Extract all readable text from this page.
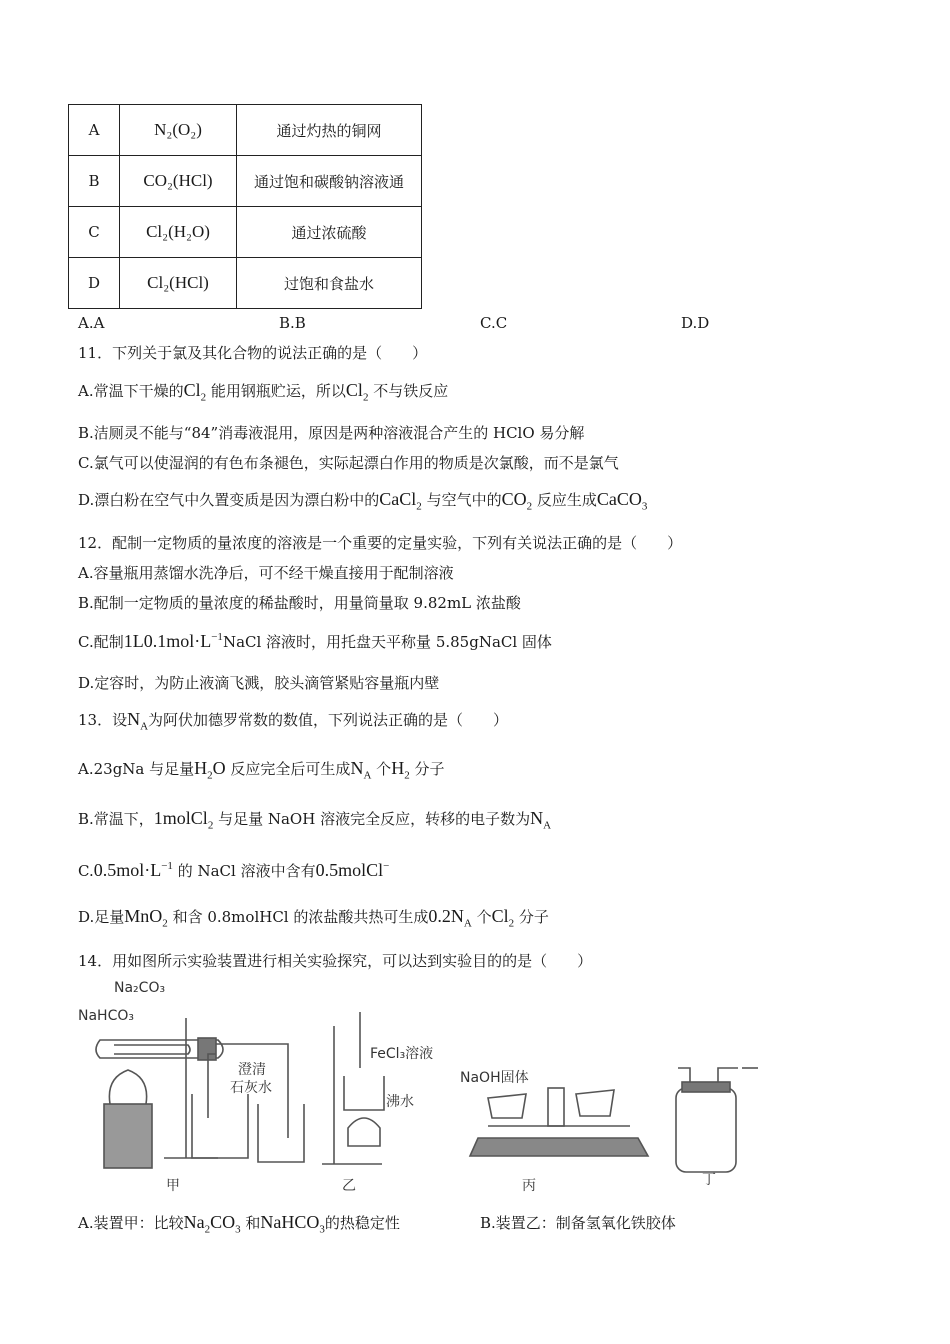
A	N₂(O₂)	通过灼热的铜网
B	CO₂(HCl)	通过饱和碳酸钠溶液通
C	Cl₂(H₂O)	通过浓硫酸
D	Cl₂(HCl)	过饱和食盐水
A.A	B.B	C.C	D.D
11．下列关于氯及其化合物的说法正确的是（　　）
A.常温下干燥的$Cl_2$ 能用钢瓶贮运，所以$Cl_2$ 不与铁反应
B.洁厕灵不能与“84”消毒液混用，原因是两种溶液混合产生的 HClO 易分解
C.氯气可以使湿润的有色布条褪色，实际起漂白作用的物质是次氯酸，而不是氯气
D.漂白粉在空气中久置变质是因为漂白粉中的CaCl$_2$ 与空气中的$CO_2$ 反应生成CaCO$_3$
12．配制一定物质的量浓度的溶液是一个重要的定量实验，下列有关说法正确的是（　　）
A.容量瓶用蒸馏水洗净后，可不经干燥直接用于配制溶液
B.配制一定物质的量浓度的稀盐酸时，用量筒量取 9.82mL 浓盐酸
C.配制$1L0.1mol\cdot L^{-1}NaCl$ 溶液时，用托盘天平称量 5.85gNaCl 固体
D.定容时，为防止液滴飞溅，胶头滴管紧贴容量瓶内壁
13．设$N_A$为阿伏加德罗常数的数值，下列说法正确的是（　　）
A.23gNa 与足量$H_2O$ 反应完全后可生成$N_A$ 个$H_2$ 分子
B.常温下，1molCl$_2$ 与足量 NaOH 溶液完全反应，转移的电子数为$N_A$
$C.0.5mol\cdot L^{-1}$ 的 NaCl 溶液中含有0.5molCl−
D.足量MnO$_2$ 和含 0.8molHCl 的浓盐酸共热可生成$0.2N_A$ 个$Cl_2$ 分子
14．用如图所示实验装置进行相关实验探究，可以达到实验目的的是（　　）
Na₂CO₃
NaHCO₃
澄清
石灰水
FeCl₃溶液
沸水
NaOH固体
甲	乙	丙	丁
A.装置甲：比较$Na_2CO_3$ 和NaHCO$_3$的热稳定性	B.装置乙：制备氢氧化铁胶体
